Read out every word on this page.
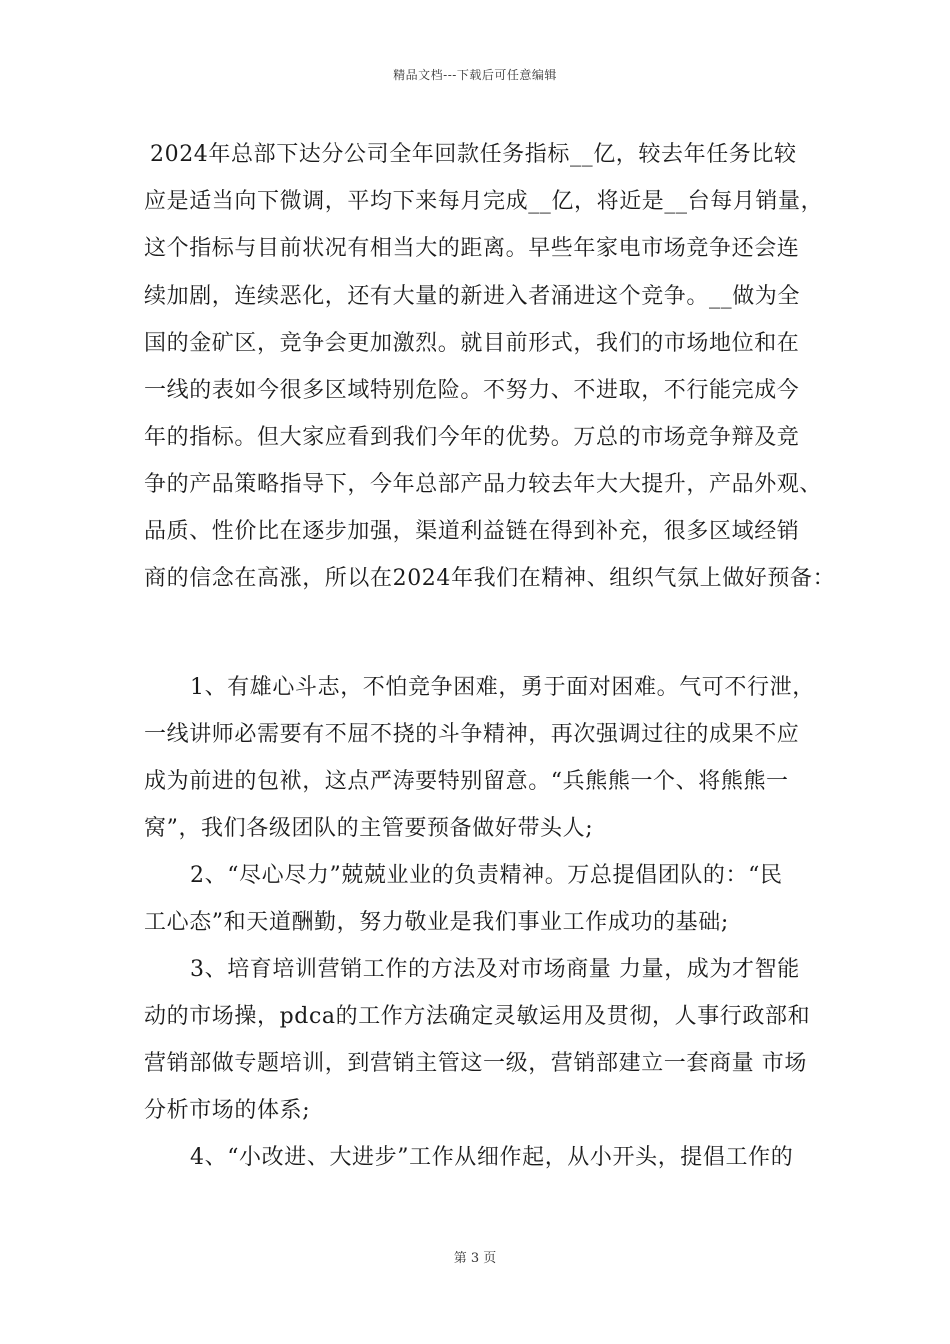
精品文档---下载后可任意编辑
2024年总部下达分公司全年回款任务指标__亿，较去年任务比较
应是适当向下微调，平均下来每月完成__亿，将近是__台每月销量，
这个指标与目前状况有相当大的距离。早些年家电市场竞争还会连
续加剧，连续恶化，还有大量的新进入者涌进这个竞争。__做为全
国的金矿区，竞争会更加激烈。就目前形式，我们的市场地位和在
一线的表如今很多区域特别危险。不努力、不进取，不行能完成今
年的指标。但大家应看到我们今年的优势。万总的市场竞争辩及竞
争的产品策略指导下，今年总部产品力较去年大大提升，产品外观、
品质、性价比在逐步加强，渠道利益链在得到补充，很多区域经销
商的信念在高涨，所以在2024年我们在精神、组织气氛上做好预备：
1、有雄心斗志，不怕竞争困难，勇于面对困难。气可不行泄，
一线讲师必需要有不屈不挠的斗争精神，再次强调过往的成果不应
成为前进的包袱，这点严涛要特别留意。“兵熊熊一个、将熊熊一
窝”，我们各级团队的主管要预备做好带头人;
2、“尽心尽力”兢兢业业的负责精神。万总提倡团队的：“民
工心态”和天道酬勤，努力敬业是我们事业工作成功的基础;
3、培育培训营销工作的方法及对市场商量 力量，成为才智能
动的市场操，pdca的工作方法确定灵敏运用及贯彻，人事行政部和
营销部做专题培训，到营销主管这一级，营销部建立一套商量 市场
分析市场的体系;
4、“小改进、大进步”工作从细作起，从小开头，提倡工作的
第 3 页
